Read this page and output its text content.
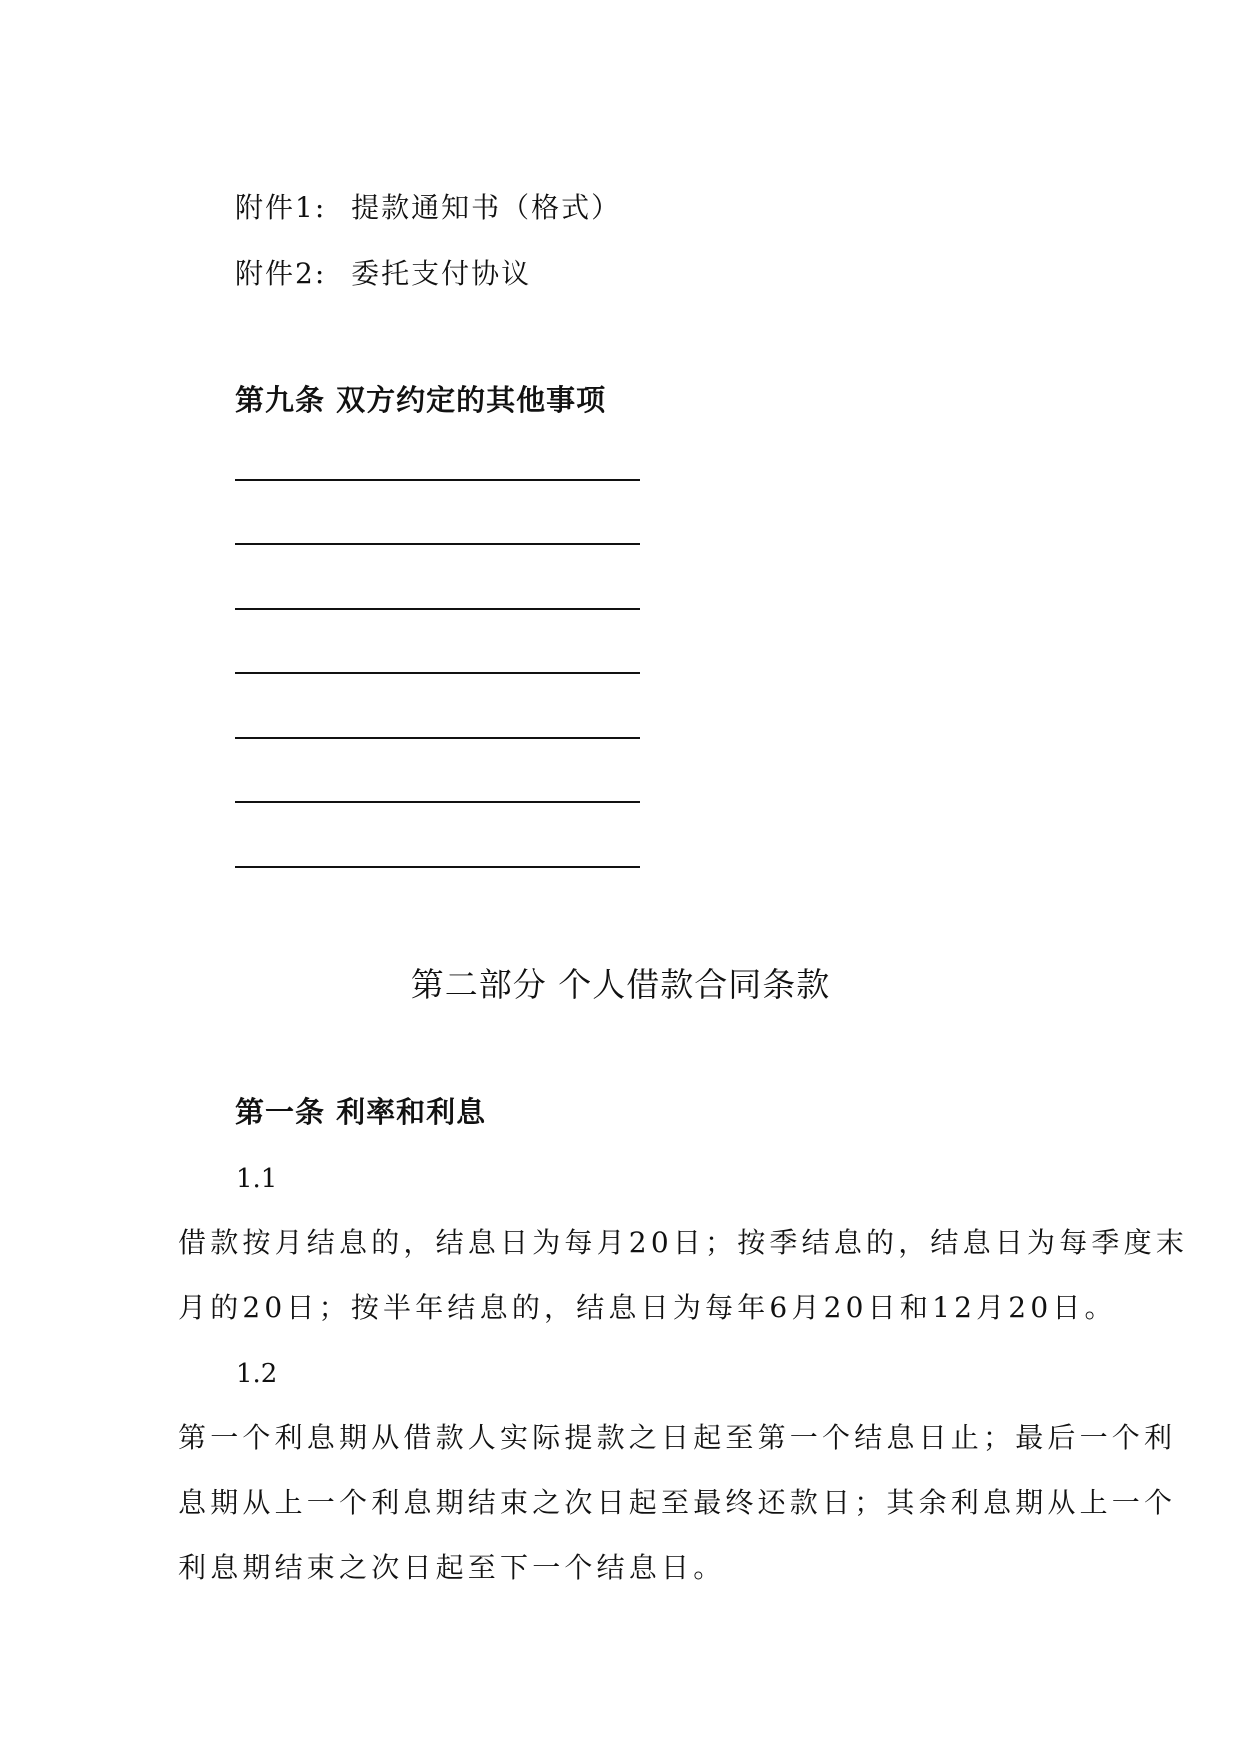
附件1: 提款通知书（格式）
附件2: 委托支付协议
第九条 双方约定的其他事项
第二部分 个人借款合同条款
第一条 利率和利息
1.1
借款按月结息的，结息日为每月20日；按季结息的，结息日为每季度末
月的20日；按半年结息的，结息日为每年6月20日和12月20日。
1.2
第一个利息期从借款人实际提款之日起至第一个结息日止；最后一个利
息期从上一个利息期结束之次日起至最终还款日；其余利息期从上一个
利息期结束之次日起至下一个结息日。
